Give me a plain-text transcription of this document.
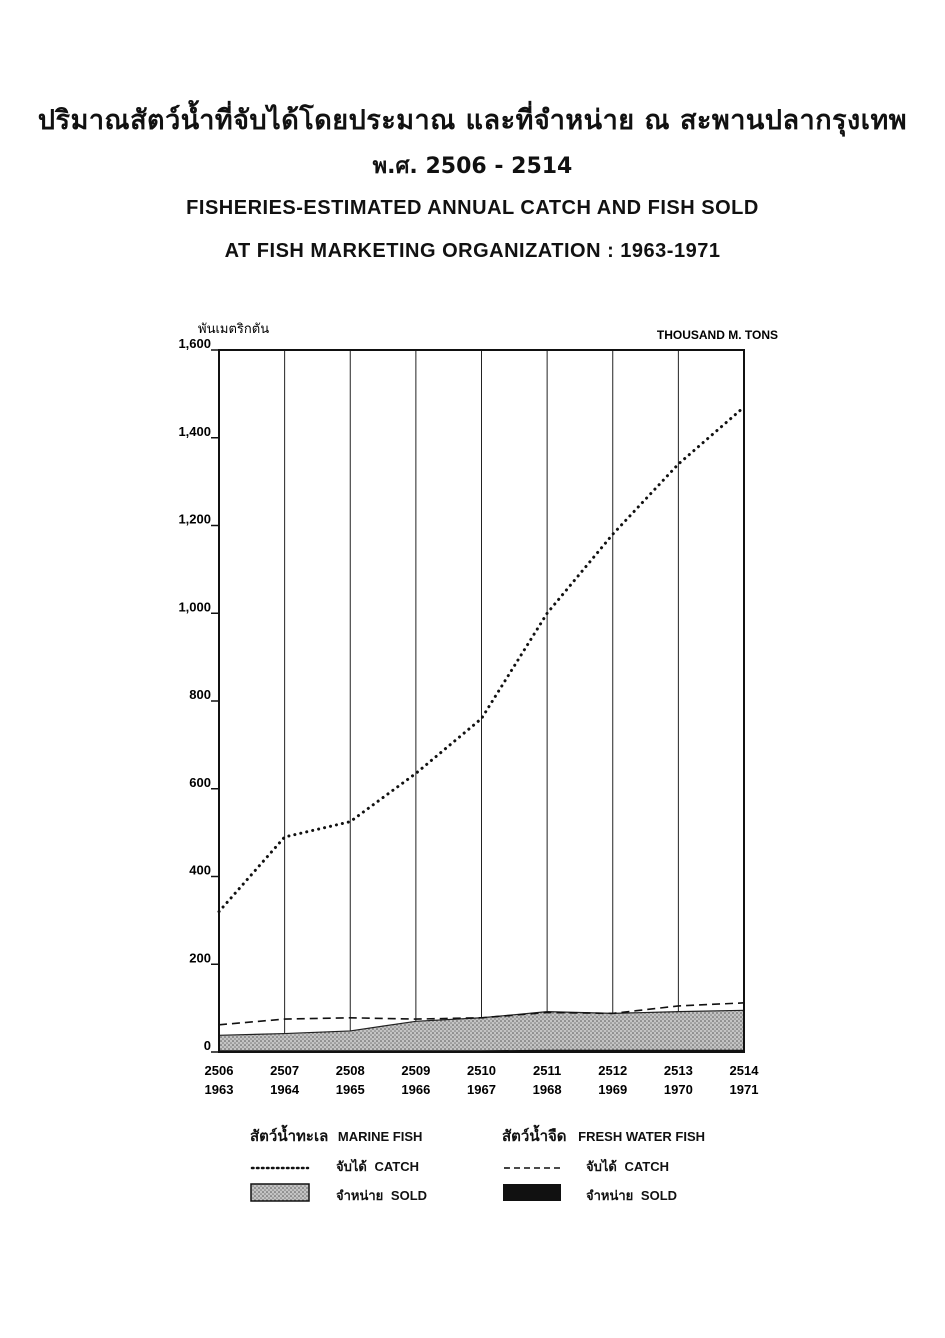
ปริมาณสัตว์น้ำที่จับได้โดยประมาณ และที่จำหน่าย ณ สะพานปลากรุงเทพ
พ.ศ. 2506 - 2514
FISHERIES-ESTIMATED ANNUAL CATCH AND FISH SOLD
AT FISH MARKETING ORGANIZATION : 1963-1971
0
200
400
600
800
1,000
1,200
1,400
1,600
2506
1963
2507
1964
2508
1965
2509
1966
2510
1967
2511
1968
2512
1969
2513
1970
2514
1971
พันเมตริกตัน	THOUSAND M. TONS
สัตว์น้ำทะเล MARINE FISH	สัตว์น้ำจืด FRESH WATER FISH
จับได้ CATCH	จับได้ CATCH
จำหน่าย SOLD	จำหน่าย SOLD
